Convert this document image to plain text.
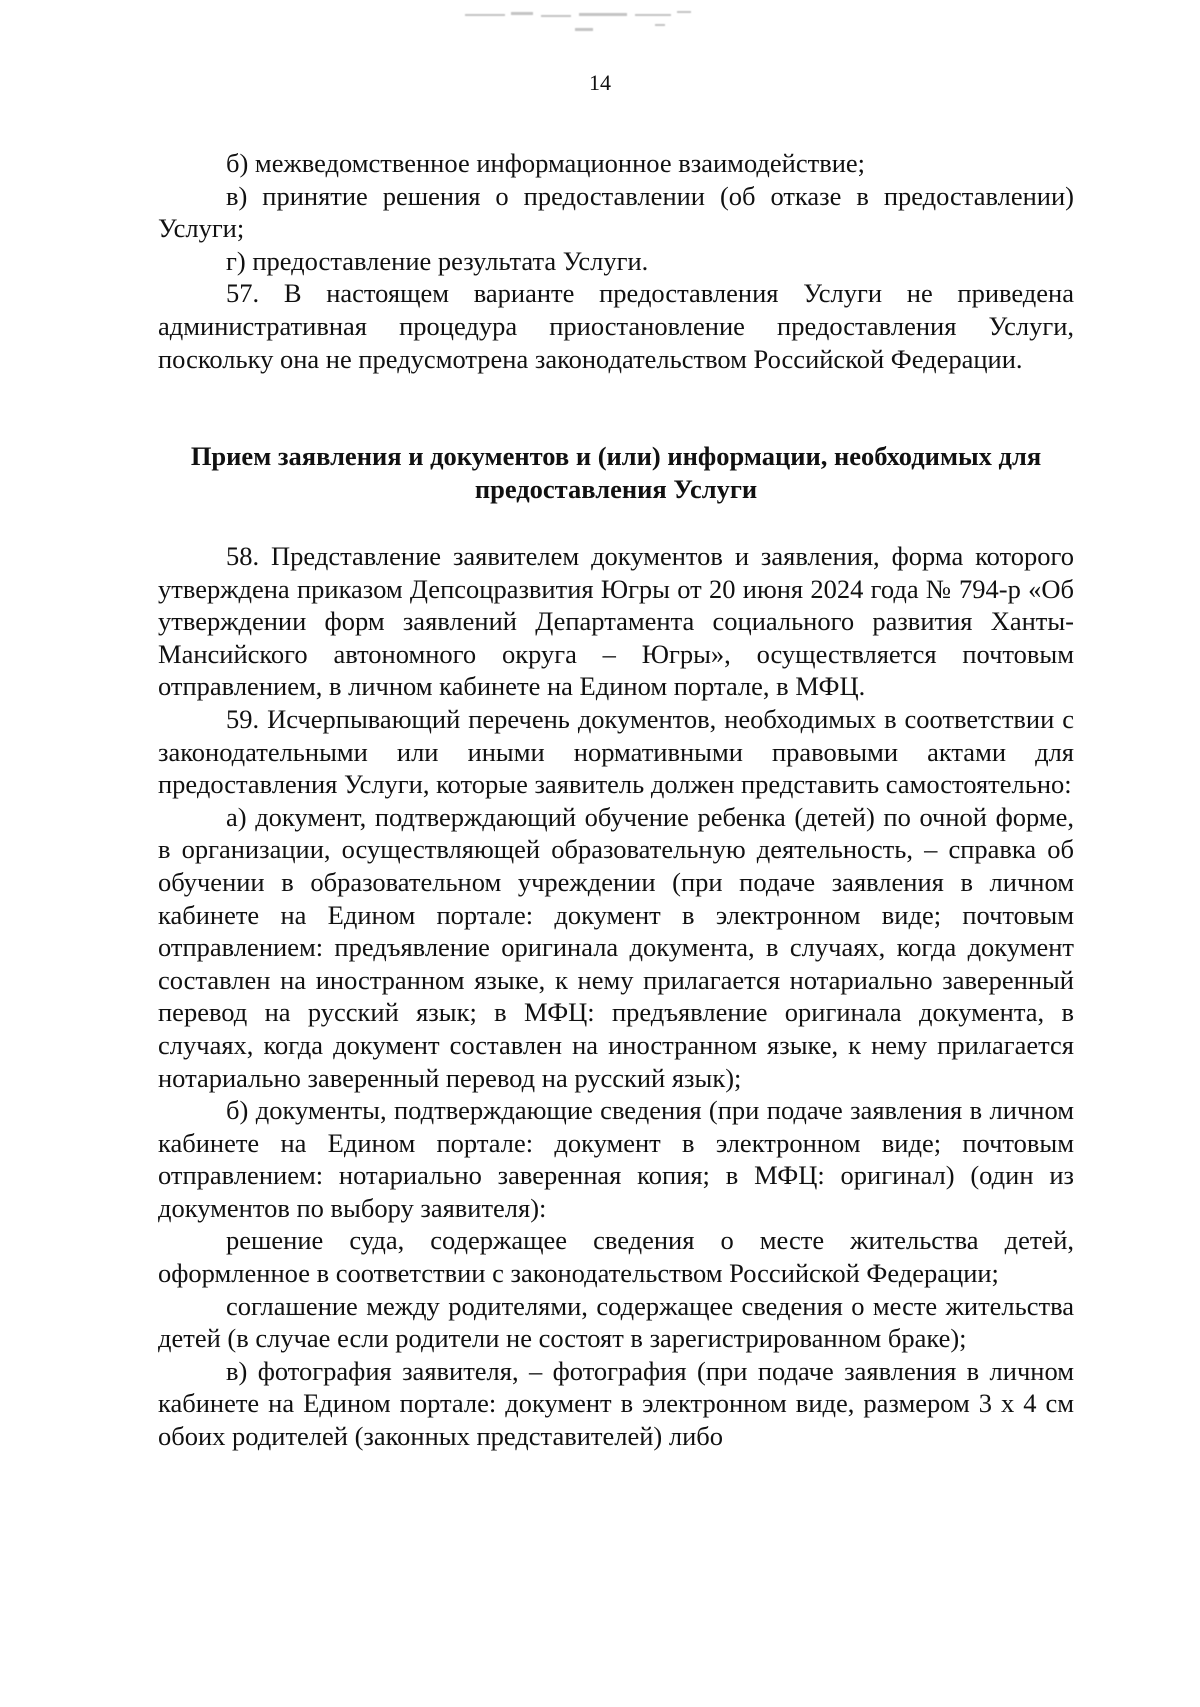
14

б) межведомственное информационное взаимодействие;

в) принятие решения о предоставлении (об отказе в предоставлении) Услуги;

г) предоставление результата Услуги.

57. В настоящем варианте предоставления Услуги не приведена административная процедура приостановление предоставления Услуги, поскольку она не предусмотрена законодательством Российской Федерации.

Прием заявления и документов и (или) информации, необходимых для предоставления Услуги

58. Представление заявителем документов и заявления, форма которого утверждена приказом Депсоцразвития Югры от 20 июня 2024 года № 794-р «Об утверждении форм заявлений Департамента социального развития Ханты-Мансийского автономного округа – Югры», осуществляется почтовым отправлением, в личном кабинете на Едином портале, в МФЦ.

59. Исчерпывающий перечень документов, необходимых в соответствии с законодательными или иными нормативными правовыми актами для предоставления Услуги, которые заявитель должен представить самостоятельно:

а) документ, подтверждающий обучение ребенка (детей) по очной форме, в организации, осуществляющей образовательную деятельность, – справка об обучении в образовательном учреждении (при подаче заявления в личном кабинете на Едином портале: документ в электронном виде; почтовым отправлением: предъявление оригинала документа, в случаях, когда документ составлен на иностранном языке, к нему прилагается нотариально заверенный перевод на русский язык; в МФЦ: предъявление оригинала документа, в случаях, когда документ составлен на иностранном языке, к нему прилагается нотариально заверенный перевод на русский язык);

б) документы, подтверждающие сведения (при подаче заявления в личном кабинете на Едином портале: документ в электронном виде; почтовым отправлением: нотариально заверенная копия; в МФЦ: оригинал) (один из документов по выбору заявителя):

решение суда, содержащее сведения о месте жительства детей, оформленное в соответствии с законодательством Российской Федерации;

соглашение между родителями, содержащее сведения о месте жительства детей (в случае если родители не состоят в зарегистрированном браке);

в) фотография заявителя, – фотография (при подаче заявления в личном кабинете на Едином портале: документ в электронном виде, размером 3 х 4 см обоих родителей (законных представителей) либо
